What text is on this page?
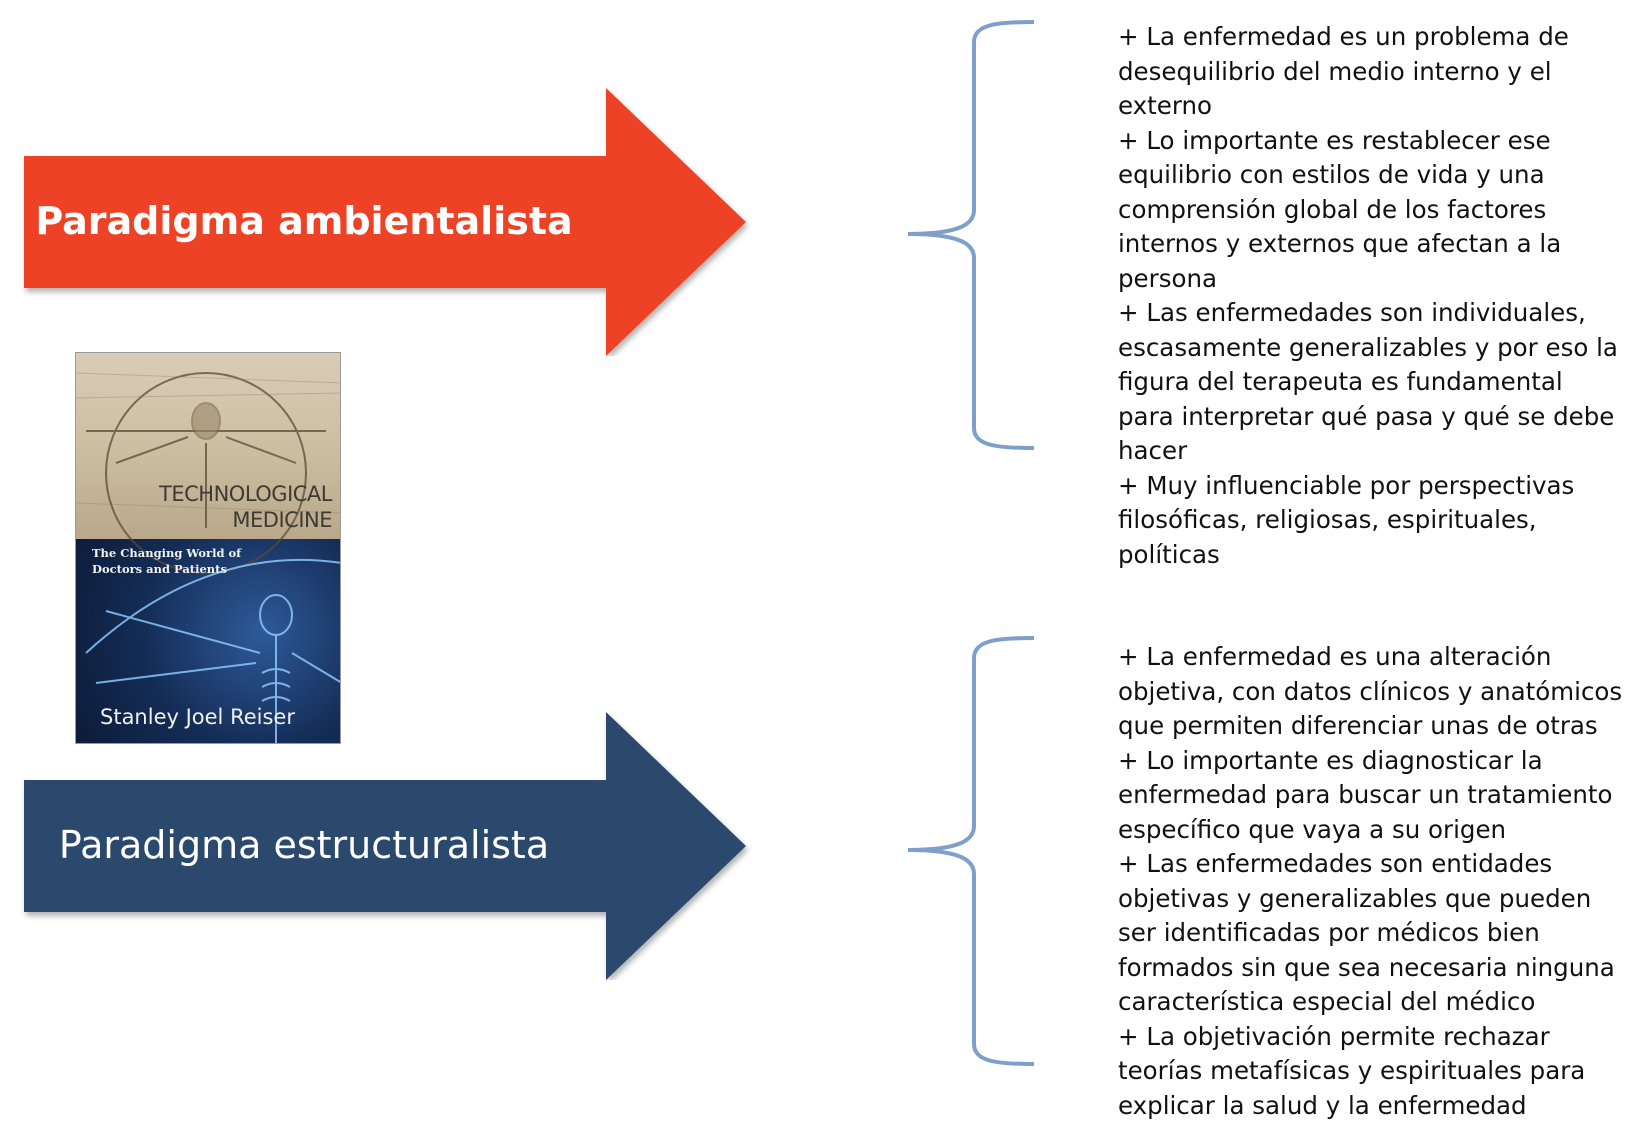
Paradigma ambientalista
Paradigma estructuralista
+ La enfermedad es un problema de desequilibrio del medio interno y el externo
+ Lo importante es restablecer ese equilibrio con estilos de vida y una comprensión global de los factores internos y externos que afectan a la persona
+ Las enfermedades son individuales, escasamente generalizables y por eso la figura del terapeuta es fundamental para interpretar qué pasa y qué se debe hacer
+ Muy influenciable por perspectivas filosóficas, religiosas, espirituales, políticas
+ La enfermedad es una alteración objetiva, con datos clínicos y anatómicos que permiten diferenciar unas de otras
+ Lo importante es diagnosticar la enfermedad para buscar un tratamiento específico que vaya a su origen
+ Las enfermedades son entidades objetivas y generalizables que pueden ser identificadas por médicos bien formados sin que sea necesaria ninguna característica especial del médico
+ La objetivación permite rechazar teorías metafísicas y espirituales para explicar la salud y la enfermedad
TECHNOLOGICAL
MEDICINE
The Changing World of
Doctors and Patients
Stanley Joel Reiser
